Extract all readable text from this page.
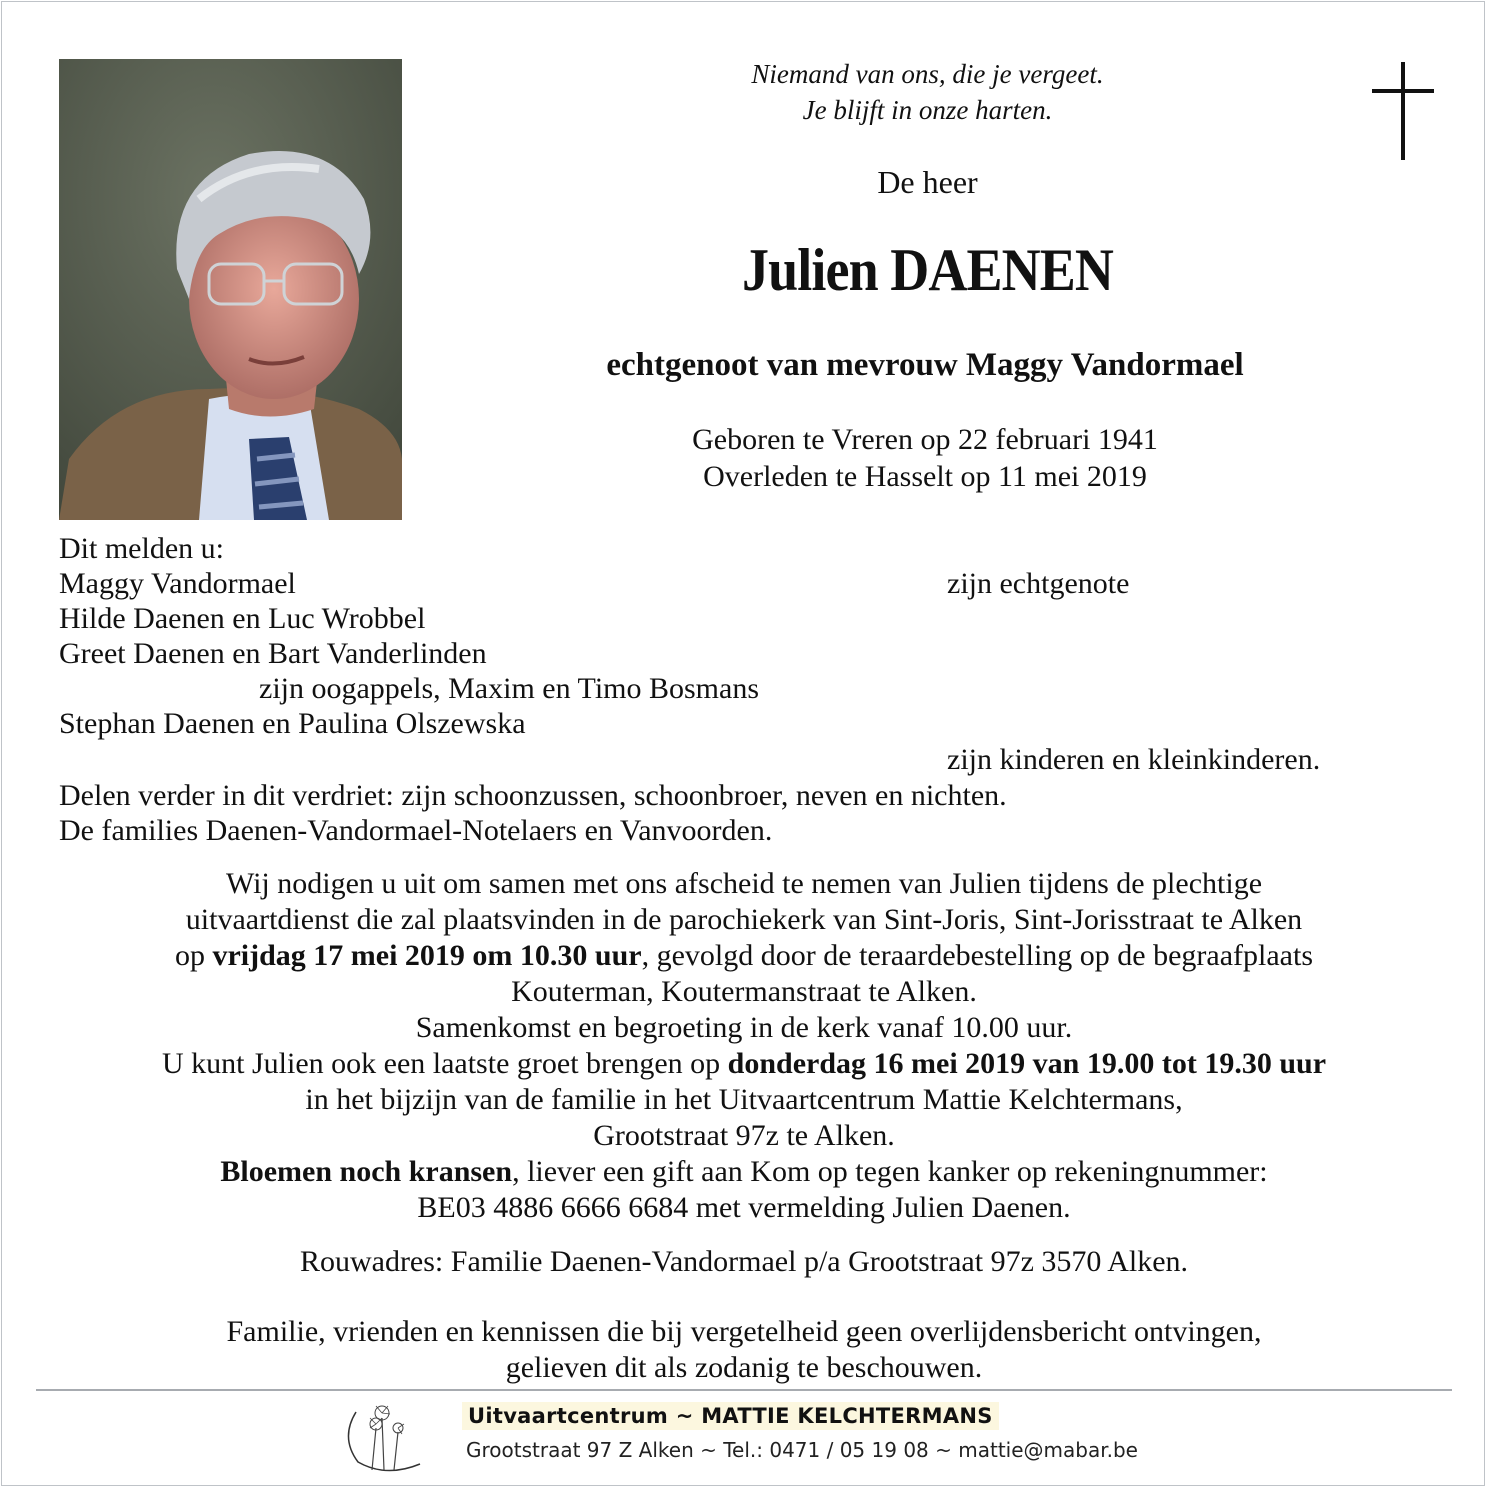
Niemand van ons, die je vergeet.
Je blijft in onze harten.
De heer
Julien DAENEN
echtgenoot van mevrouw Maggy Vandormael
Geboren te Vreren op 22 februari 1941
Overleden te Hasselt op 11 mei 2019
Dit melden u:
Maggy Vandormael	zijn echtgenote
Hilde Daenen en Luc Wrobbel
Greet Daenen en Bart Vanderlinden
zijn oogappels, Maxim en Timo Bosmans
Stephan Daenen en Paulina Olszewska
zijn kinderen en kleinkinderen.
Delen verder in dit verdriet: zijn schoonzussen, schoonbroer, neven en nichten.
De families Daenen-Vandormael-Notelaers en Vanvoorden.
Wij nodigen u uit om samen met ons afscheid te nemen van Julien tijdens de plechtige
uitvaartdienst die zal plaatsvinden in de parochiekerk van Sint-Joris, Sint-Jorisstraat te Alken
op vrijdag 17 mei 2019 om 10.30 uur, gevolgd door de teraardebestelling op de begraafplaats
Kouterman, Koutermanstraat te Alken.
Samenkomst en begroeting in de kerk vanaf 10.00 uur.
U kunt Julien ook een laatste groet brengen op donderdag 16 mei 2019 van 19.00 tot 19.30 uur
in het bijzijn van de familie in het Uitvaartcentrum Mattie Kelchtermans,
Grootstraat 97z te Alken.
Bloemen noch kransen, liever een gift aan Kom op tegen kanker op rekeningnummer:
BE03 4886 6666 6684 met vermelding Julien Daenen.
Rouwadres: Familie Daenen-Vandormael p/a Grootstraat 97z 3570 Alken.
Familie, vrienden en kennissen die bij vergetelheid geen overlijdensbericht ontvingen,
gelieven dit als zodanig te beschouwen.
Uitvaartcentrum ~ MATTIE KELCHTERMANS
Grootstraat 97 Z Alken ~ Tel.: 0471 / 05 19 08 ~ mattie@mabar.be
